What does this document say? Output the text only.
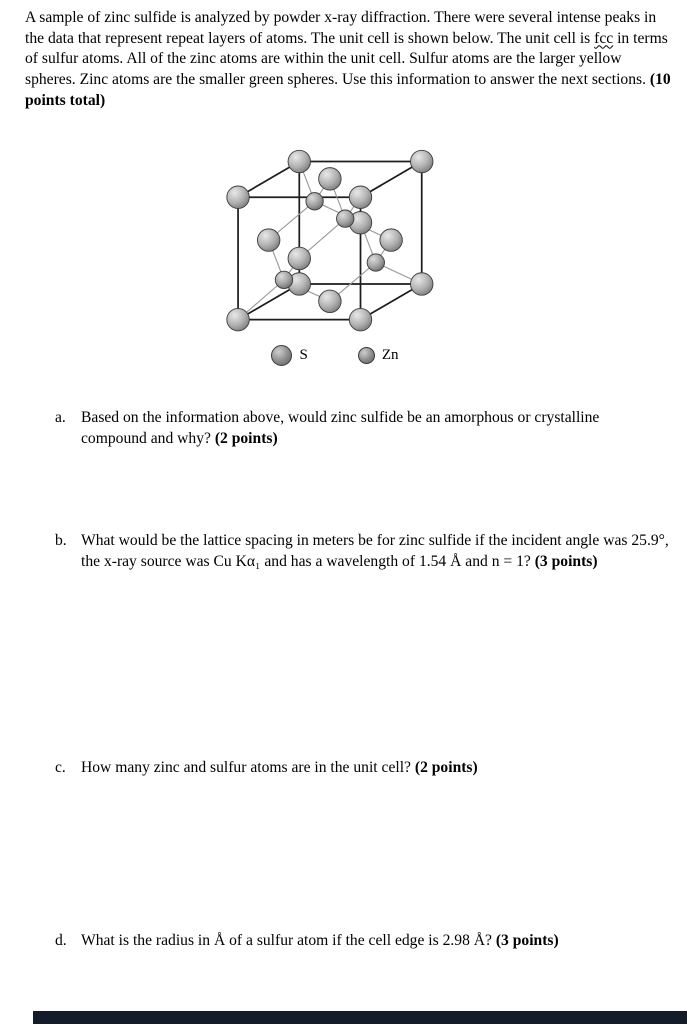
A sample of zinc sulfide is analyzed by powder x-ray diffraction. There were several intense peaks in the data that represent repeat layers of atoms. The unit cell is shown below. The unit cell is fcc in terms of sulfur atoms. All of the zinc atoms are within the unit cell. Sulfur atoms are the larger yellow spheres. Zinc atoms are the smaller green spheres. Use this information to answer the next sections. (10 points total)

S	Zn
a. Based on the information above, would zinc sulfide be an amorphous or crystalline compound and why? (2 points)
b. What would be the lattice spacing in meters be for zinc sulfide if the incident angle was 25.9°, the x-ray source was Cu Kα₁ and has a wavelength of 1.54 Å and n = 1? (3 points)
c. How many zinc and sulfur atoms are in the unit cell? (2 points)
d. What is the radius in Å of a sulfur atom if the cell edge is 2.98 Å? (3 points)
